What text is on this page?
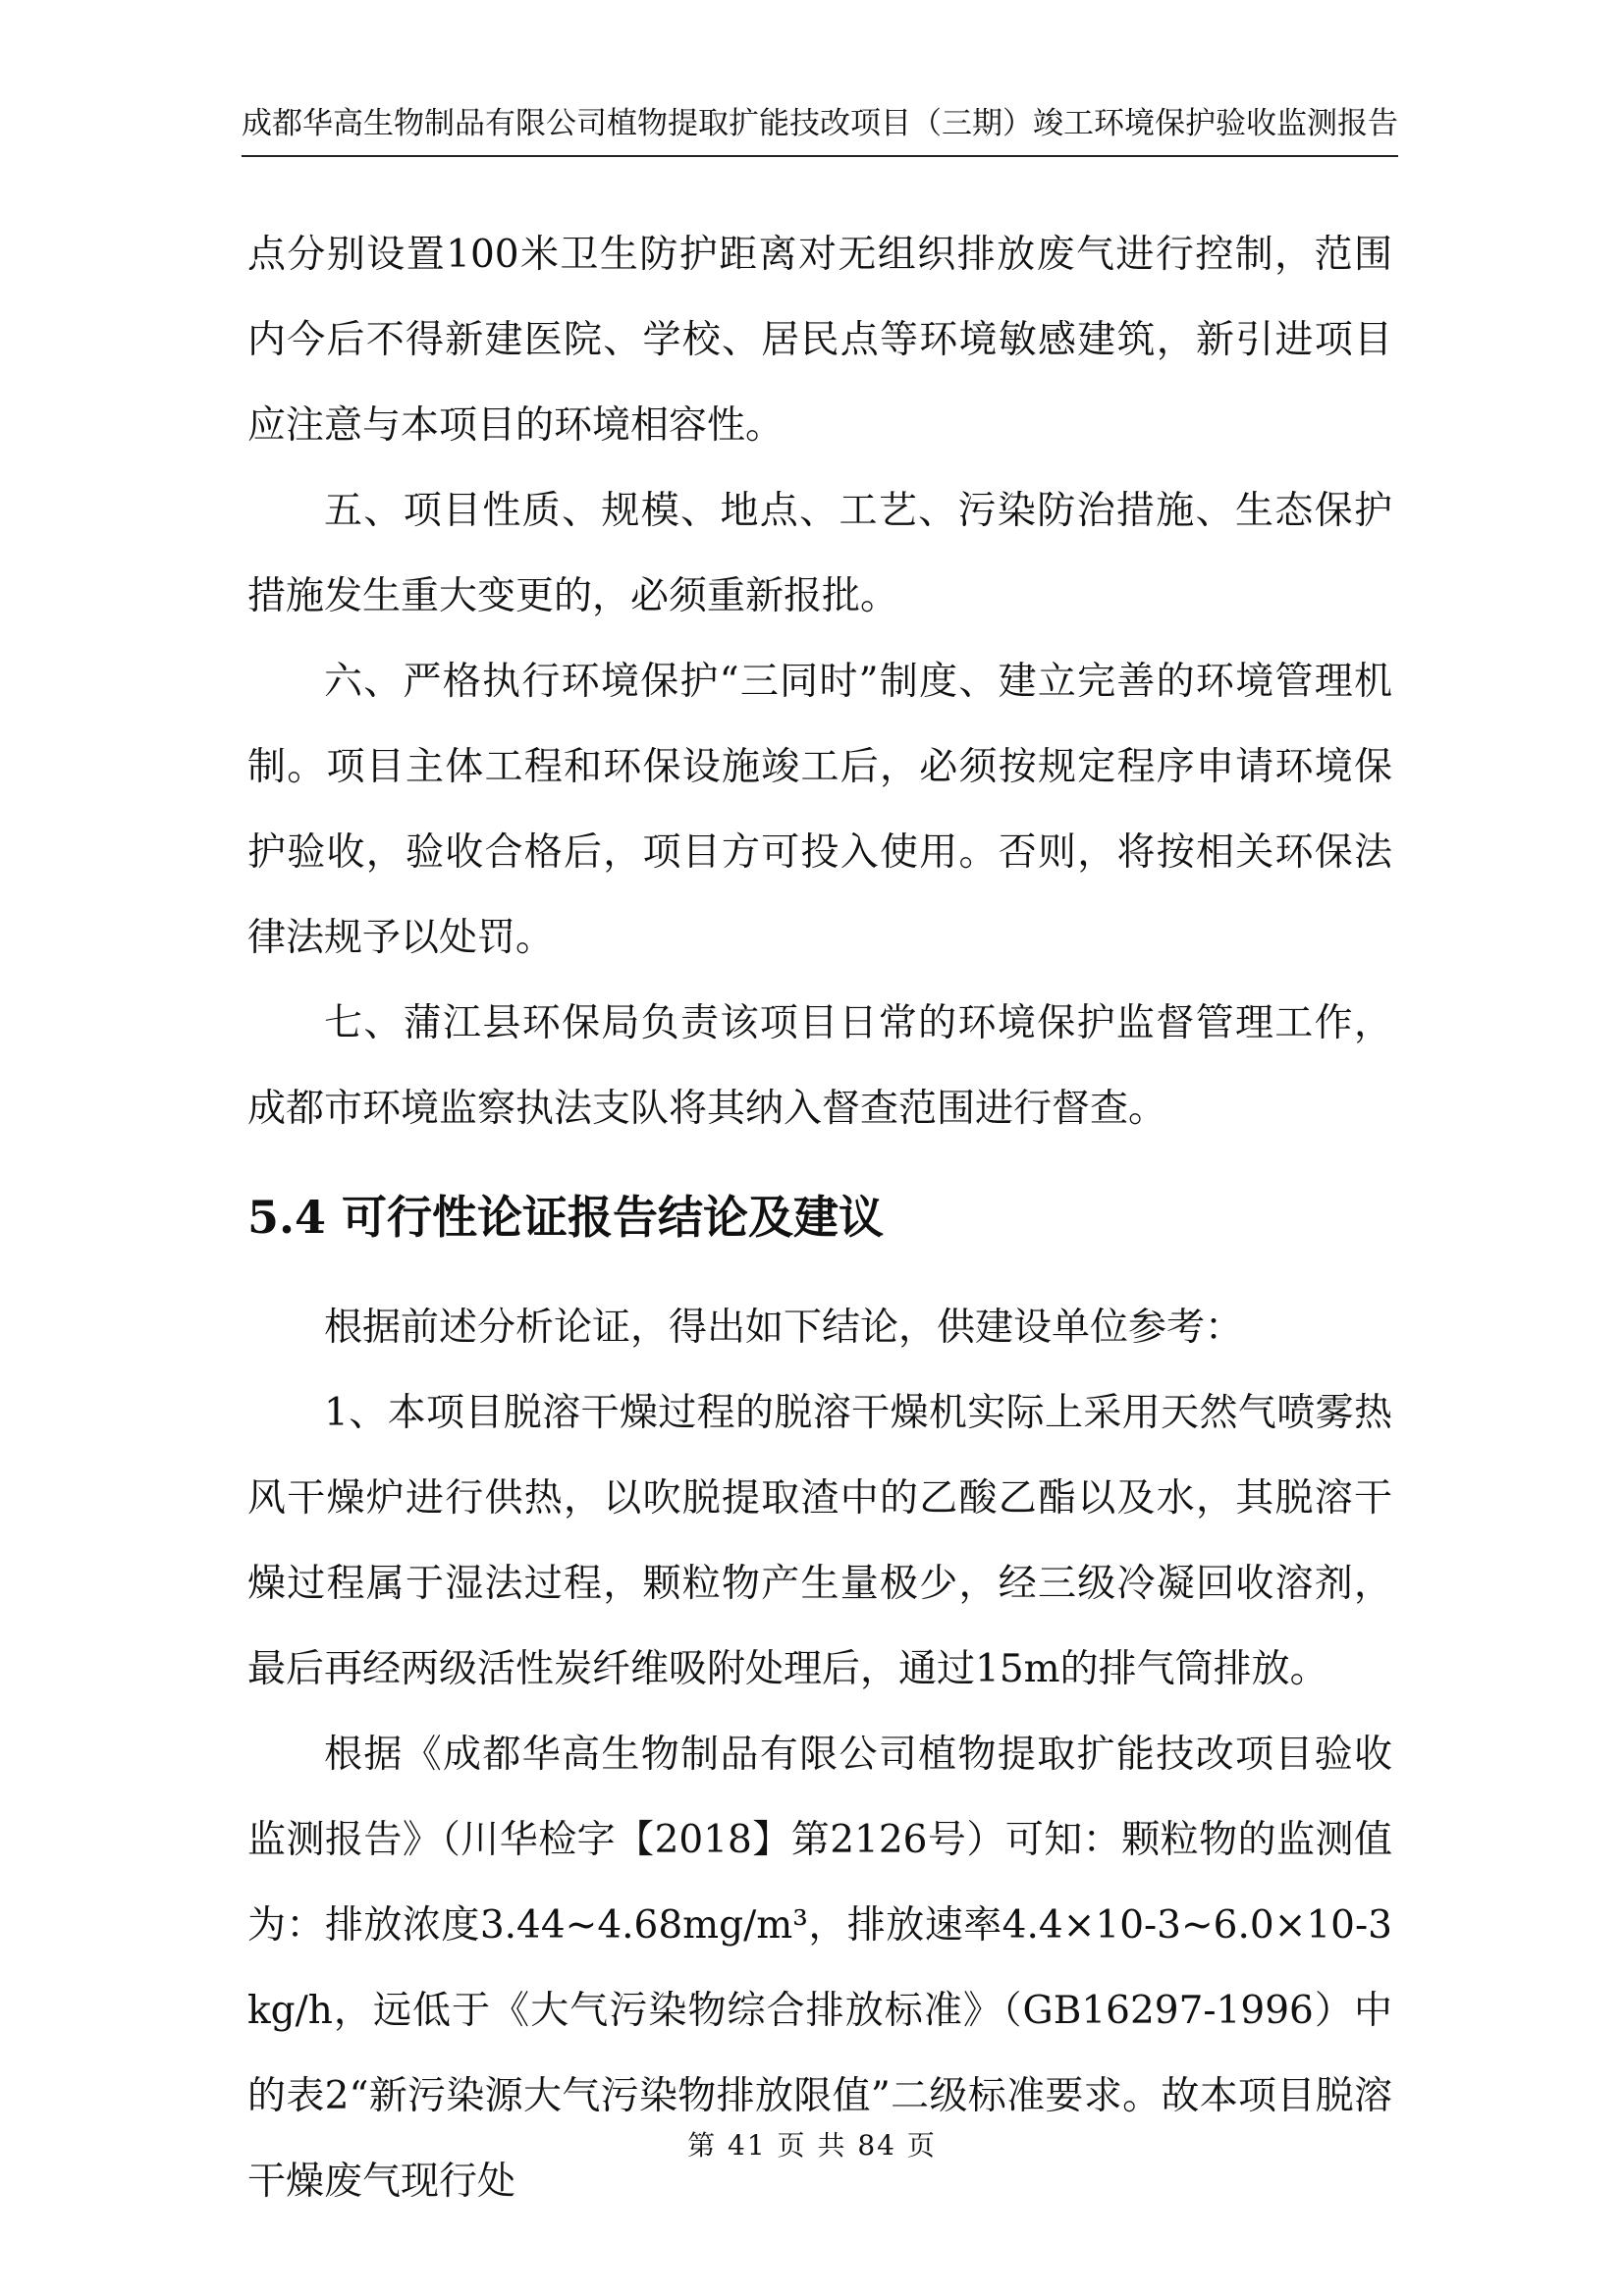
成都华高生物制品有限公司植物提取扩能技改项目（三期）竣工环境保护验收监测报告

点分别设置100米卫生防护距离对无组织排放废气进行控制，范围内今后不得新建医院、学校、居民点等环境敏感建筑，新引进项目应注意与本项目的环境相容性。

五、项目性质、规模、地点、工艺、污染防治措施、生态保护措施发生重大变更的，必须重新报批。

六、严格执行环境保护“三同时”制度、建立完善的环境管理机制。项目主体工程和环保设施竣工后，必须按规定程序申请环境保护验收，验收合格后，项目方可投入使用。否则，将按相关环保法律法规予以处罚。

七、蒲江县环保局负责该项目日常的环境保护监督管理工作，成都市环境监察执法支队将其纳入督查范围进行督查。

5.4 可行性论证报告结论及建议

根据前述分析论证，得出如下结论，供建设单位参考：

1、本项目脱溶干燥过程的脱溶干燥机实际上采用天然气喷雾热风干燥炉进行供热，以吹脱提取渣中的乙酸乙酯以及水，其脱溶干燥过程属于湿法过程，颗粒物产生量极少，经三级冷凝回收溶剂，最后再经两级活性炭纤维吸附处理后，通过15m的排气筒排放。

根据《成都华高生物制品有限公司植物提取扩能技改项目验收监测报告》（川华检字【2018】第2126号）可知：颗粒物的监测值为：排放浓度3.44~4.68mg/m³，排放速率4.4×10-3~6.0×10-3kg/h，远低于《大气污染物综合排放标准》（GB16297-1996）中的表2“新污染源大气污染物排放限值”二级标准要求。故本项目脱溶干燥废气现行处

第 41 页 共 84 页
